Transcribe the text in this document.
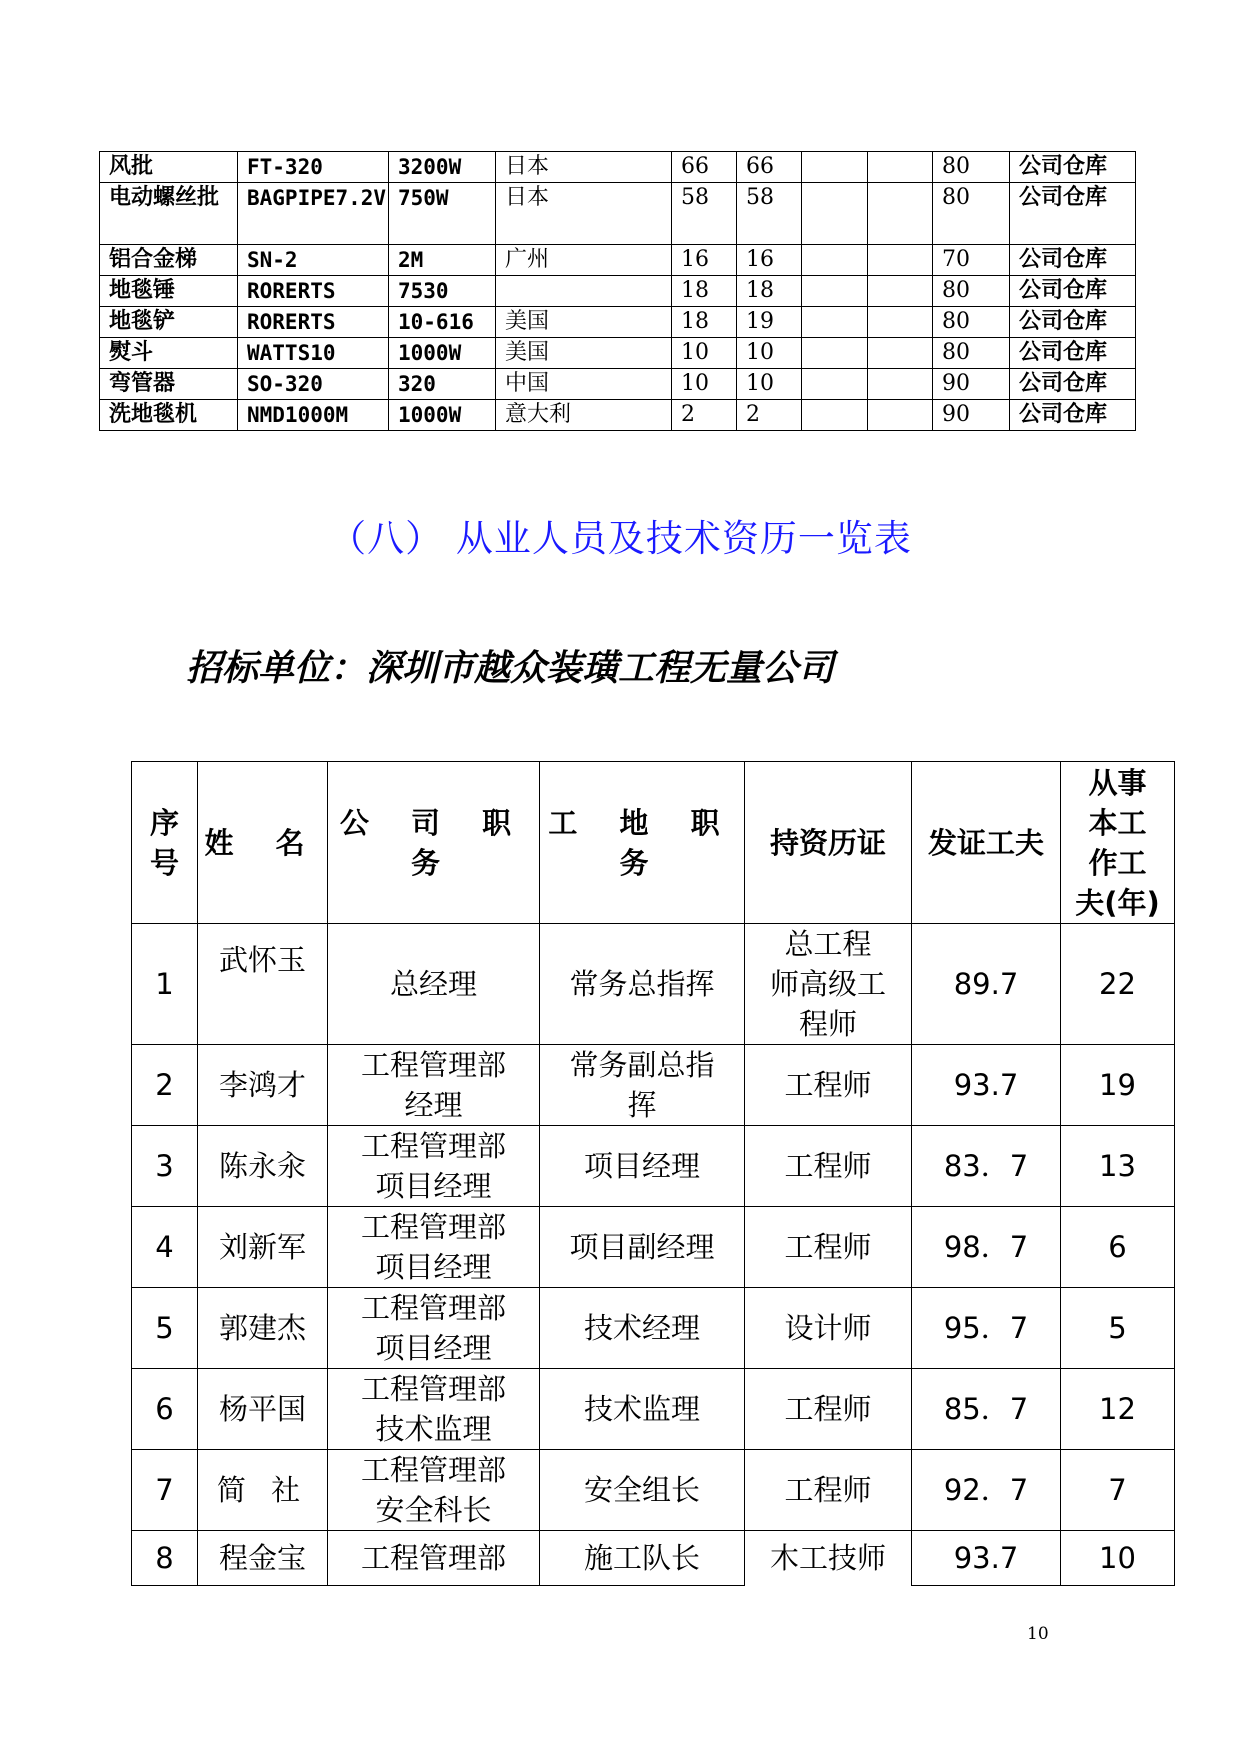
风批	FT-320	3200W	日本	66	66			80	公司仓库
电动螺丝批	BAGPIPE7.2V	750W	日本	58	58			80	公司仓库
铝合金梯	SN-2	2M	广州	16	16			70	公司仓库
地毯锤	RORERTS	7530		18	18			80	公司仓库
地毯铲	RORERTS	10-616	美国	18	19			80	公司仓库
熨斗	WATTS10	1000W	美国	10	10			80	公司仓库
弯管器	SO-320	320	中国	10	10			90	公司仓库
洗地毯机	NMD1000M	1000W	意大利	2	2			90	公司仓库
（八） 从业人员及技术资历一览表
招标单位：深圳市越众装璜工程无量公司
序
号	姓 名	公 司 职 务	工 地 职 务	持资历证	发证工夫	从事
本工
作工
夫(年)
1	武怀玉	总经理	常务总指挥	总工程
师高级工
程师	89.7	22
2	李鸿才	工程管理部
经理	常务副总指
挥	工程师	93.7	19
3	陈永汆	工程管理部
项目经理	项目经理	工程师	83．7	13
4	刘新军	工程管理部
项目经理	项目副经理	工程师	98．7	6
5	郭建杰	工程管理部
项目经理	技术经理	设计师	95．7	5
6	杨平国	工程管理部
技术监理	技术监理	工程师	85．7	12
7	简 社	工程管理部
安全科长	安全组长	工程师	92．7	7
8	程金宝	工程管理部	施工队长	木工技师	93.7	10

10
